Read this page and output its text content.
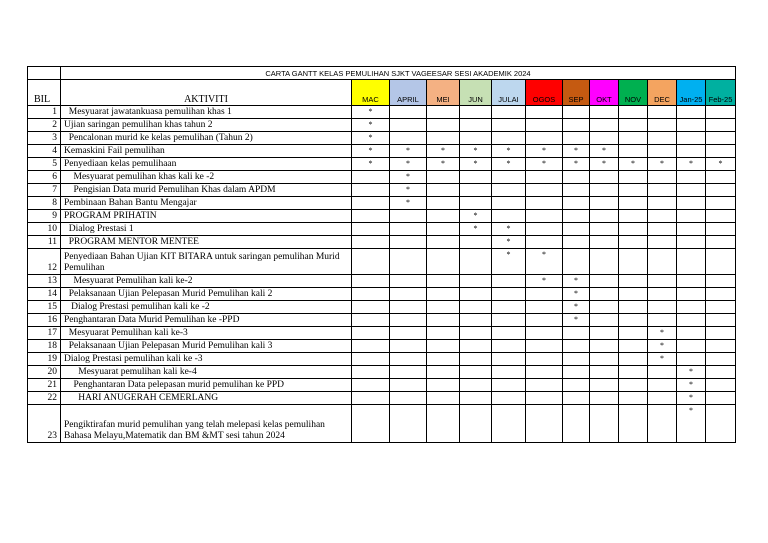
	CARTA GANTT KELAS PEMULIHAN SJKT VAGEESAR SESI AKADEMIK 2024												
BIL	AKTIVITI	MAC	APRIL	MEI	JUN	JULAI	OGOS	SEP	OKT	NOV	DEC	Jan-25	Feb-25
1	Mesyuarat jawatankuasa pemulihan khas 1	*											
2	Ujian saringan pemulihan khas tahun 2	*											
3	Pencalonan murid ke kelas pemulihan (Tahun 2)	*											
4	Kemaskini Fail pemulihan	*	*	*	*	*	*	*	*				
5	Penyediaan kelas pemulihaan	*	*	*	*	*	*	*	*	*	*	*	*
6	Mesyuarat pemulihan khas kali ke -2		*										
7	Pengisian Data murid Pemulihan Khas dalam APDM		*										
8	Pembinaan Bahan Bantu Mengajar		*										
9	PROGRAM PRIHATIN				*								
10	Dialog Prestasi 1				*	*							
11	PROGRAM MENTOR MENTEE					*							
12	Penyediaan Bahan Ujian KIT BITARA untuk saringan pemulihan Murid Pemulihan					*	*						
13	Mesyuarat Pemulihan kali ke-2						*	*					
14	Pelaksanaan Ujian Pelepasan Murid Pemulihan kali 2							*					
15	Dialog Prestasi pemulihan kali ke -2							*					
16	Penghantaran Data Murid Pemulihan ke -PPD							*					
17	Mesyuarat Pemulihan kali ke-3										*		
18	Pelaksanaan Ujian Pelepasan Murid Pemulihan kali 3										*		
19	Dialog Prestasi pemulihan kali ke -3										*		
20	Mesyuarat pemulihan kali ke-4											*	
21	Penghantaran Data pelepasan murid pemulihan ke PPD											*	
22	HARI ANUGERAH CEMERLANG											*	
23	Pengiktirafan murid pemulihan yang telah melepasi kelas pemulihan Bahasa Melayu,Matematik dan BM &MT sesi tahun 2024											*	
